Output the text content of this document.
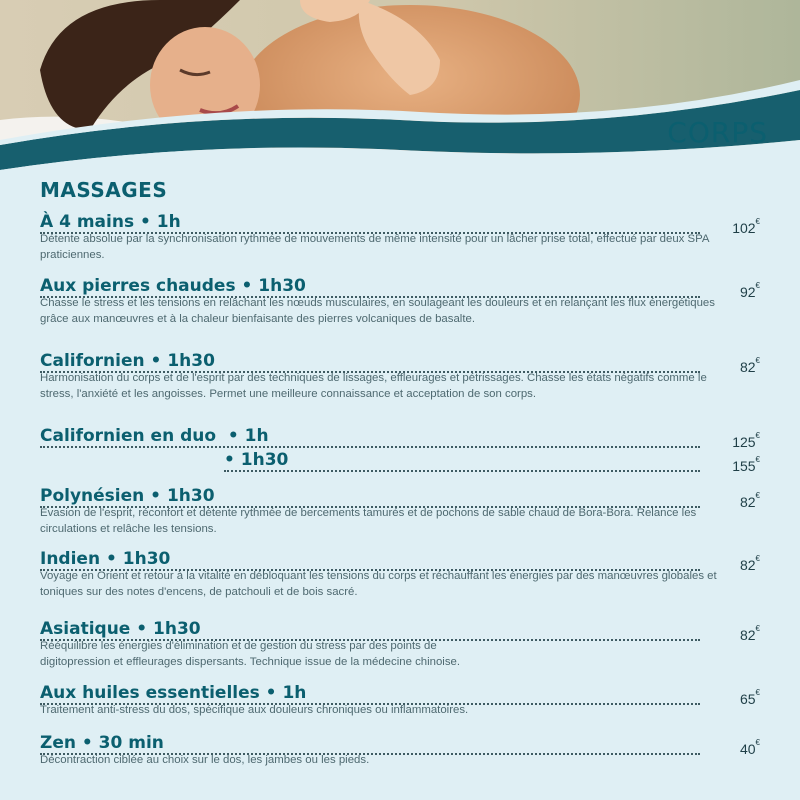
CORPS
MASSAGES
À 4 mains • 1h	102€
Détente absolue par la synchronisation rythmée de mouvements de même intensité pour un lâcher prise total, effectué par deux SPA praticiennes.
Aux pierres chaudes • 1h30	92€
Chasse le stress et les tensions en relâchant les nœuds musculaires, en soulageant les douleurs et en relançant les flux énergétiques grâce aux manœuvres et à la chaleur bienfaisante des pierres volcaniques de basalte.
Californien • 1h30	82€
Harmonisation du corps et de l'esprit par des techniques de lissages, effleurages et pétrissages. Chasse les états négatifs comme le stress, l'anxiété et les angoisses. Permet une meilleure connaissance et acceptation de son corps.
Californien en duo • 1h	125€
• 1h30	155€
Polynésien • 1h30	82€
Évasion de l'esprit, réconfort et détente rythmée de bercements tamurés et de pochons de sable chaud de Bora-Bora. Relance les circulations et relâche les tensions.
Indien • 1h30	82€
Voyage en Orient et retour à la vitalité en débloquant les tensions du corps et réchauffant les énergies par des manœuvres globales et toniques sur des notes d'encens, de patchouli et de bois sacré.
Asiatique • 1h30	82€
Rééquilibre les énergies d'élimination et de gestion du stress par des points de digitopression et effleurages dispersants. Technique issue de la médecine chinoise.
Aux huiles essentielles • 1h	65€
Traitement anti-stress du dos, spécifique aux douleurs chroniques ou inflammatoires.
Zen • 30 min	40€
Décontraction ciblée au choix sur le dos, les jambes ou les pieds.
